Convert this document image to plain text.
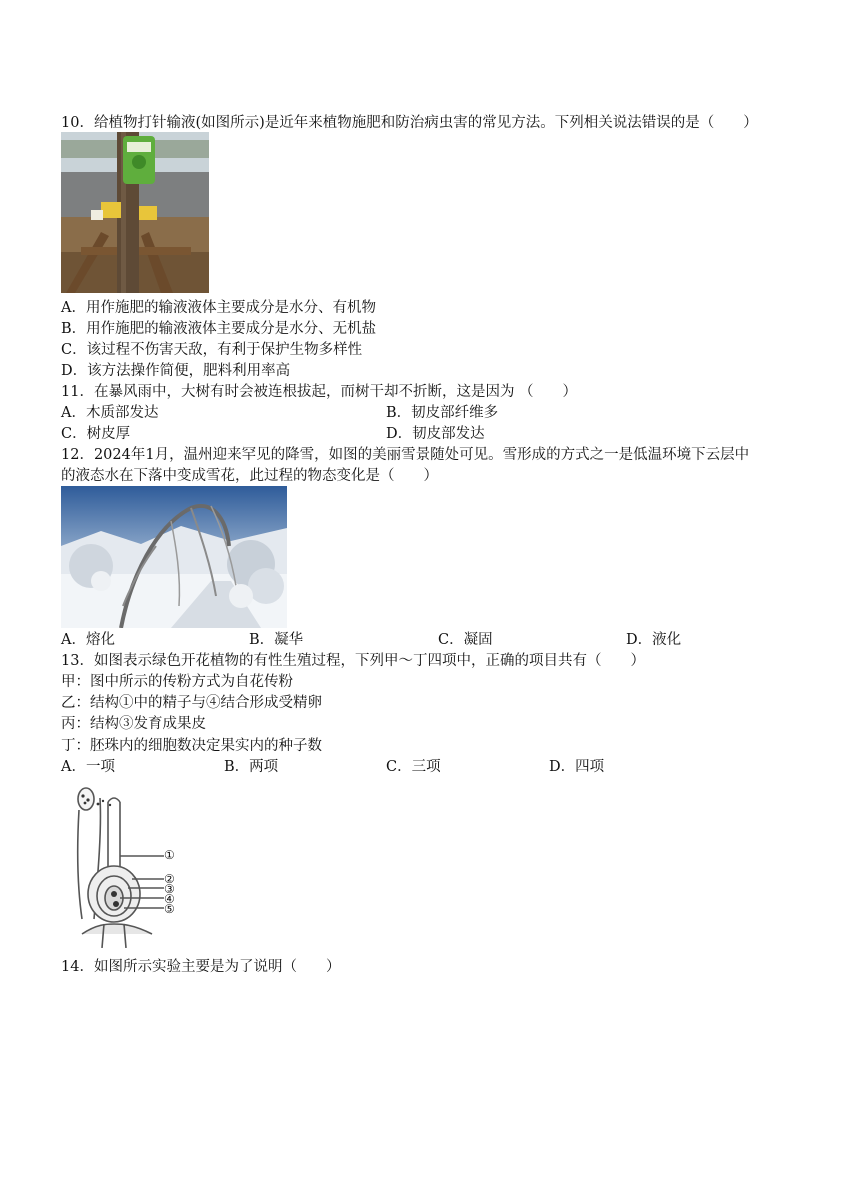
10．给植物打针输液(如图所示)是近年来植物施肥和防治病虫害的常见方法。下列相关说法错误的是（　　）
A．用作施肥的输液液体主要成分是水分、有机物
B．用作施肥的输液液体主要成分是水分、无机盐
C．该过程不伤害天敌，有利于保护生物多样性
D．该方法操作简便，肥料利用率高
11．在暴风雨中，大树有时会被连根拔起，而树干却不折断，这是因为 （　　）
A．木质部发达	B．韧皮部纤维多
C．树皮厚	D．韧皮部发达
12．2024年1月，温州迎来罕见的降雪，如图的美丽雪景随处可见。雪形成的方式之一是低温环境下云层中
的液态水在下落中变成雪花，此过程的物态变化是（　　）
A．熔化	B．凝华	C．凝固	D．液化
13．如图表示绿色开花植物的有性生殖过程，下列甲～丁四项中，正确的项目共有（　　）
甲：图中所示的传粉方式为自花传粉
乙：结构①中的精子与④结合形成受精卵
丙：结构③发育成果皮
丁：胚珠内的细胞数决定果实内的种子数
A．一项	B．两项	C．三项	D．四项
①
②
③
④
⑤
14．如图所示实验主要是为了说明（　　）
